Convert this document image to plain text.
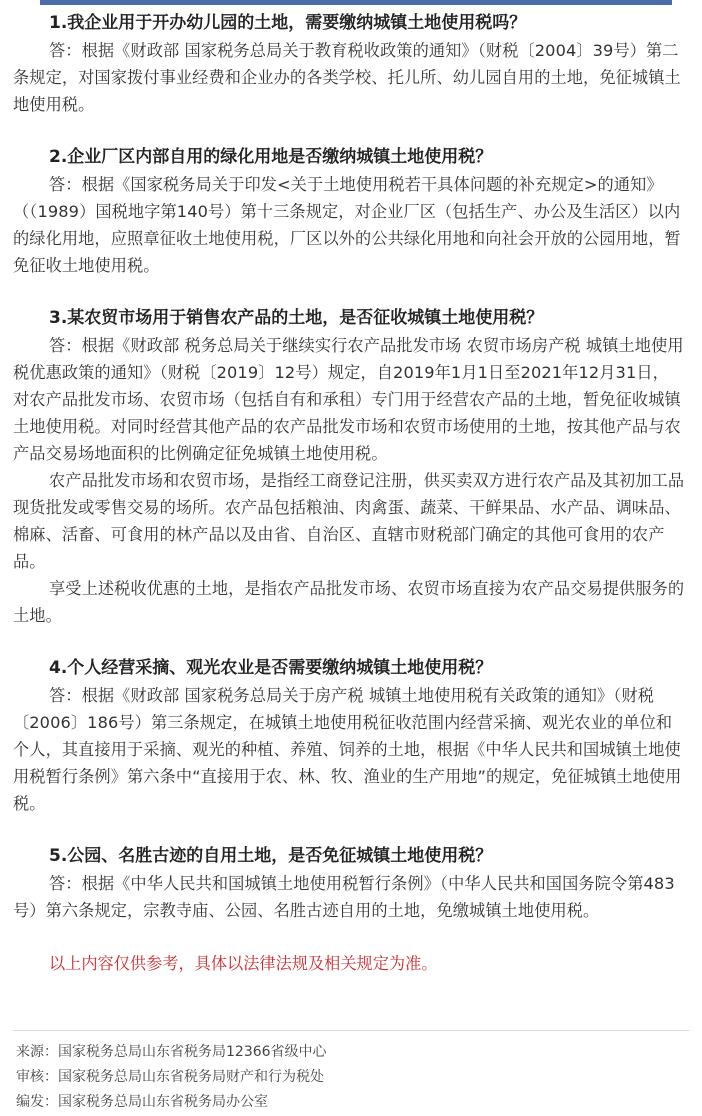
1.我企业用于开办幼儿园的土地，需要缴纳城镇土地使用税吗？

答：根据《财政部 国家税务总局关于教育税收政策的通知》（财税〔2004〕39号）第二条规定，对国家拨付事业经费和企业办的各类学校、托儿所、幼儿园自用的土地，免征城镇土地使用税。

2.企业厂区内部自用的绿化用地是否缴纳城镇土地使用税？

答：根据《国家税务局关于印发<关于土地使用税若干具体问题的补充规定>的通知》（（1989）国税地字第140号）第十三条规定，对企业厂区（包括生产、办公及生活区）以内的绿化用地，应照章征收土地使用税，厂区以外的公共绿化用地和向社会开放的公园用地，暂免征收土地使用税。

3.某农贸市场用于销售农产品的土地，是否征收城镇土地使用税？

答：根据《财政部 税务总局关于继续实行农产品批发市场 农贸市场房产税 城镇土地使用税优惠政策的通知》（财税〔2019〕12号）规定，自2019年1月1日至2021年12月31日，对农产品批发市场、农贸市场（包括自有和承租）专门用于经营农产品的土地，暂免征收城镇土地使用税。对同时经营其他产品的农产品批发市场和农贸市场使用的土地，按其他产品与农产品交易场地面积的比例确定征免城镇土地使用税。

农产品批发市场和农贸市场，是指经工商登记注册，供买卖双方进行农产品及其初加工品现货批发或零售交易的场所。农产品包括粮油、肉禽蛋、蔬菜、干鲜果品、水产品、调味品、棉麻、活畜、可食用的林产品以及由省、自治区、直辖市财税部门确定的其他可食用的农产品。

享受上述税收优惠的土地，是指农产品批发市场、农贸市场直接为农产品交易提供服务的土地。

4.个人经营采摘、观光农业是否需要缴纳城镇土地使用税？

答：根据《财政部 国家税务总局关于房产税 城镇土地使用税有关政策的通知》（财税〔2006〕186号）第三条规定，在城镇土地使用税征收范围内经营采摘、观光农业的单位和个人，其直接用于采摘、观光的种植、养殖、饲养的土地，根据《中华人民共和国城镇土地使用税暂行条例》第六条中“直接用于农、林、牧、渔业的生产用地”的规定，免征城镇土地使用税。

5.公园、名胜古迹的自用土地，是否免征城镇土地使用税？

答：根据《中华人民共和国城镇土地使用税暂行条例》（中华人民共和国国务院令第483号）第六条规定，宗教寺庙、公园、名胜古迹自用的土地，免缴城镇土地使用税。

以上内容仅供参考，具体以法律法规及相关规定为准。

来源：国家税务总局山东省税务局12366省级中心
审核：国家税务总局山东省税务局财产和行为税处
编发：国家税务总局山东省税务局办公室
